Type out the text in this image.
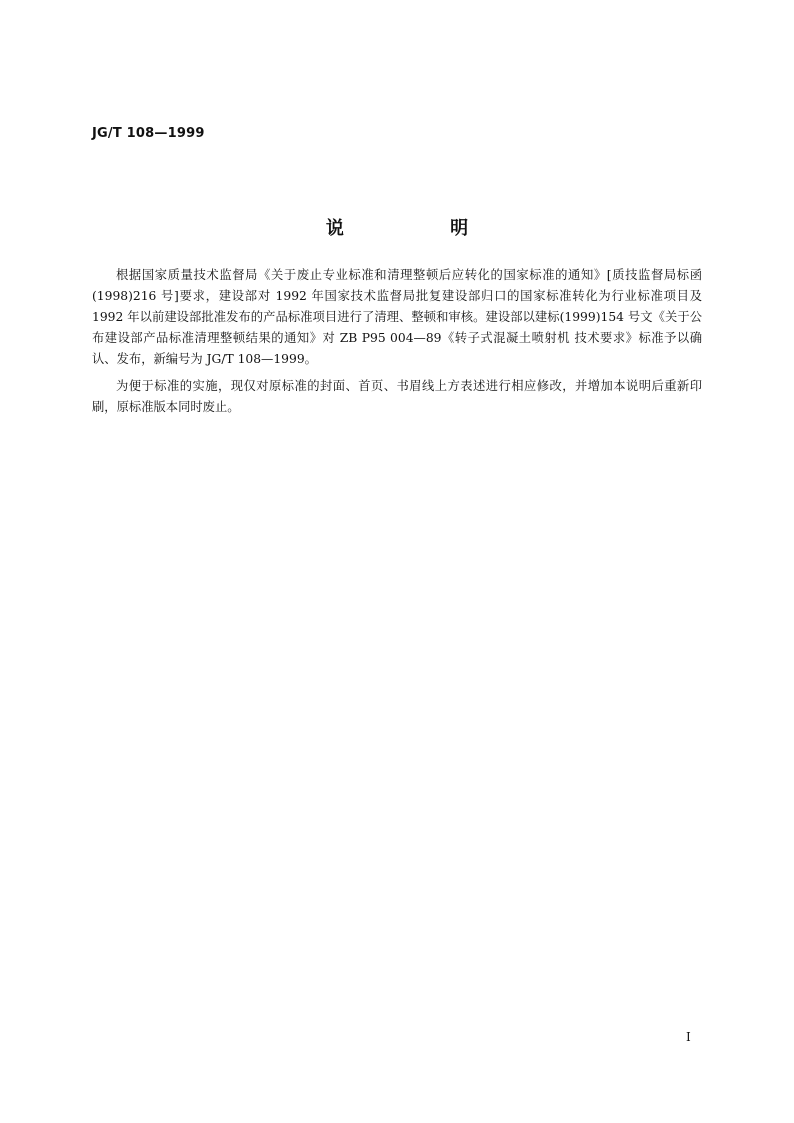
JG/T 108—1999
说 明

根据国家质量技术监督局《关于废止专业标准和清理整顿后应转化的国家标准的通知》[质技监督局标函(1998)216 号]要求，建设部对 1992 年国家技术监督局批复建设部归口的国家标准转化为行业标准项目及 1992 年以前建设部批准发布的产品标准项目进行了清理、整顿和审核。建设部以建标(1999)154 号文《关于公布建设部产品标准清理整顿结果的通知》对 ZB P95 004—89《转子式混凝土喷射机 技术要求》标准予以确认、发布，新编号为 JG/T 108—1999。

为便于标准的实施，现仅对原标准的封面、首页、书眉线上方表述进行相应修改，并增加本说明后重新印刷，原标准版本同时废止。

I
